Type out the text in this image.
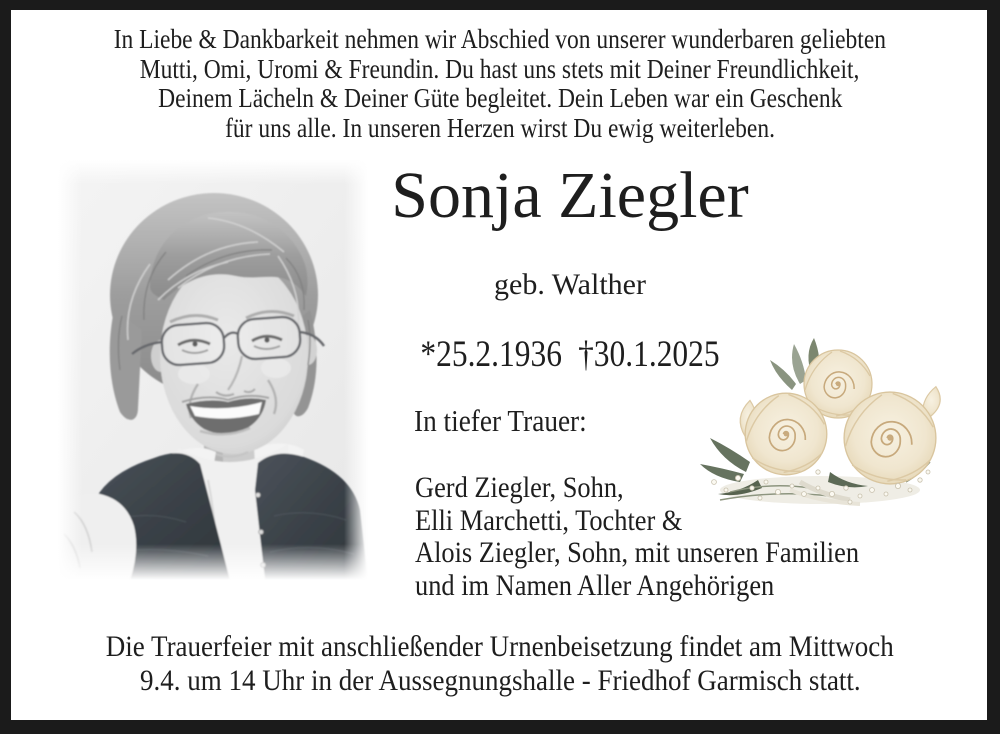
In Liebe & Dankbarkeit nehmen wir Abschied von unserer wunderbaren geliebten
Mutti, Omi, Uromi & Freundin. Du hast uns stets mit Deiner Freundlichkeit,
Deinem Lächeln & Deiner Güte begleitet. Dein Leben war ein Geschenk
für uns alle. In unseren Herzen wirst Du ewig weiterleben.
Sonja Ziegler
geb. Walther
*25.2.1936 †30.1.2025
In tiefer Trauer:
Gerd Ziegler, Sohn,
Elli Marchetti, Tochter &
Alois Ziegler, Sohn, mit unseren Familien
und im Namen Aller Angehörigen
Die Trauerfeier mit anschließender Urnenbeisetzung findet am Mittwoch
9.4. um 14 Uhr in der Aussegnungshalle - Friedhof Garmisch statt.
